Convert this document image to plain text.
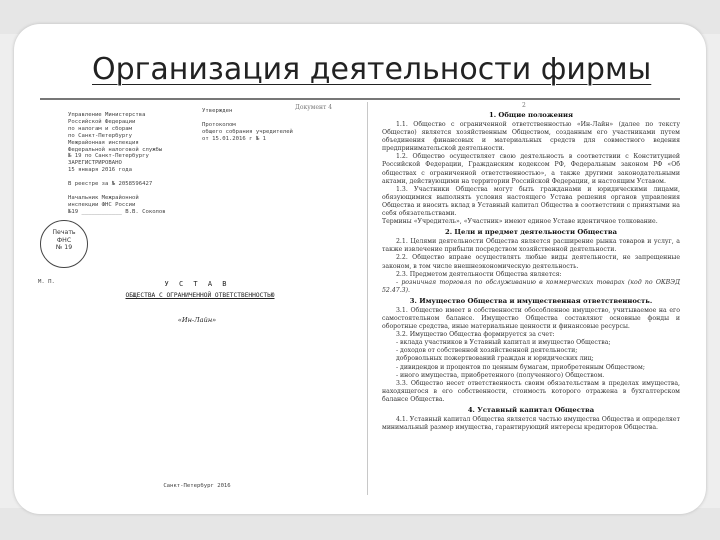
Организация деятельности фирмы
Документ 4
Управление Министерства
Российской Федерации
по налогам и сборам
по Санкт-Петербургу
Межрайонная инспекция
Федеральной налоговой службы
№ 19 по Санкт-Петербургу
ЗАРЕГИСТРИРОВАНО
15 января 2016 года

В реестре за № 2058596427

Начальник Межрайонной
инспекции ФНС России
№19 ____________ В.В. Соколов
Утвержден

Протоколом
общего собрания учредителей
от 15.01.2016 г № 1
Печать
ФНС
№ 19
М. П.	У С Т А В
ОБЩЕСТВА С ОГРАНИЧЕННОЙ ОТВЕТСТВЕННОСТЬЮ
«Ин-Лайн»
Санкт-Петербург 2016
2

1. Общие положения

1.1. Общество с ограниченной ответственностью «Ин-Лайн» (далее по тексту Общество) является хозяйственным Обществом, созданным его участниками путем объединения финансовых и материальных средств для совместного ведения предпринимательской деятельности.

1.2. Общество осуществляет свою деятельность в соответствии с Конституцией Российской Федерации, Гражданским кодексом РФ, Федеральным законом РФ «Об обществах с ограниченной ответственностью», а также другими законодательными актами, действующими на территории Российской Федерации, и настоящим Уставом.

1.3. Участники Общества могут быть гражданами и юридическими лицами, обязующимися выполнять условия настоящего Устава решения органов управления Общества и вносить вклад в Уставный капитал Общества в соответствии с принятыми на себя обязательствами.

Термины «Учредитель», «Участник» имеют единое Уставе идентичное толкование.

2. Цели и предмет деятельности Общества

2.1. Целями деятельности Общества является расширение рынка товаров и услуг, а также извлечение прибыли посредством хозяйственной деятельности.

2.2. Общество вправе осуществлять любые виды деятельности, не запрещенные законом, в том числе внешнеэкономическую деятельность.

2.3. Предметом деятельности Общества является:

- розничная торговля по обслуживанию в коммерческих товарах (код по ОКВЭД 52.47.3).

3. Имущество Общества и имущественная ответственность.

3.1. Общество имеет в собственности обособленное имущество, учитываемое на его самостоятельном балансе. Имущество Общества составляют основные фонды и оборотные средства, иные материальные ценности и финансовые ресурсы.

3.2. Имущество Общества формируется за счет:

- вклада участников в Уставный капитал и имущество Общества;

- доходов от собственной хозяйственной деятельности;

добровольных пожертвований граждан и юридических лиц;

- дивидендов и процентов по ценным бумагам, приобретенным Обществом;

- иного имущества, приобретенного (полученного) Обществом.

3.3. Общество несет ответственность своим обязательствам в пределах имущества, находящегося в его собственности, стоимость которого отражена в бухгалтерском балансе Общества.

4. Уставный капитал Общества

4.1. Уставный капитал Общества является частью имущества Общества и определяет минимальный размер имущества, гарантирующий интересы кредиторов Общества.
